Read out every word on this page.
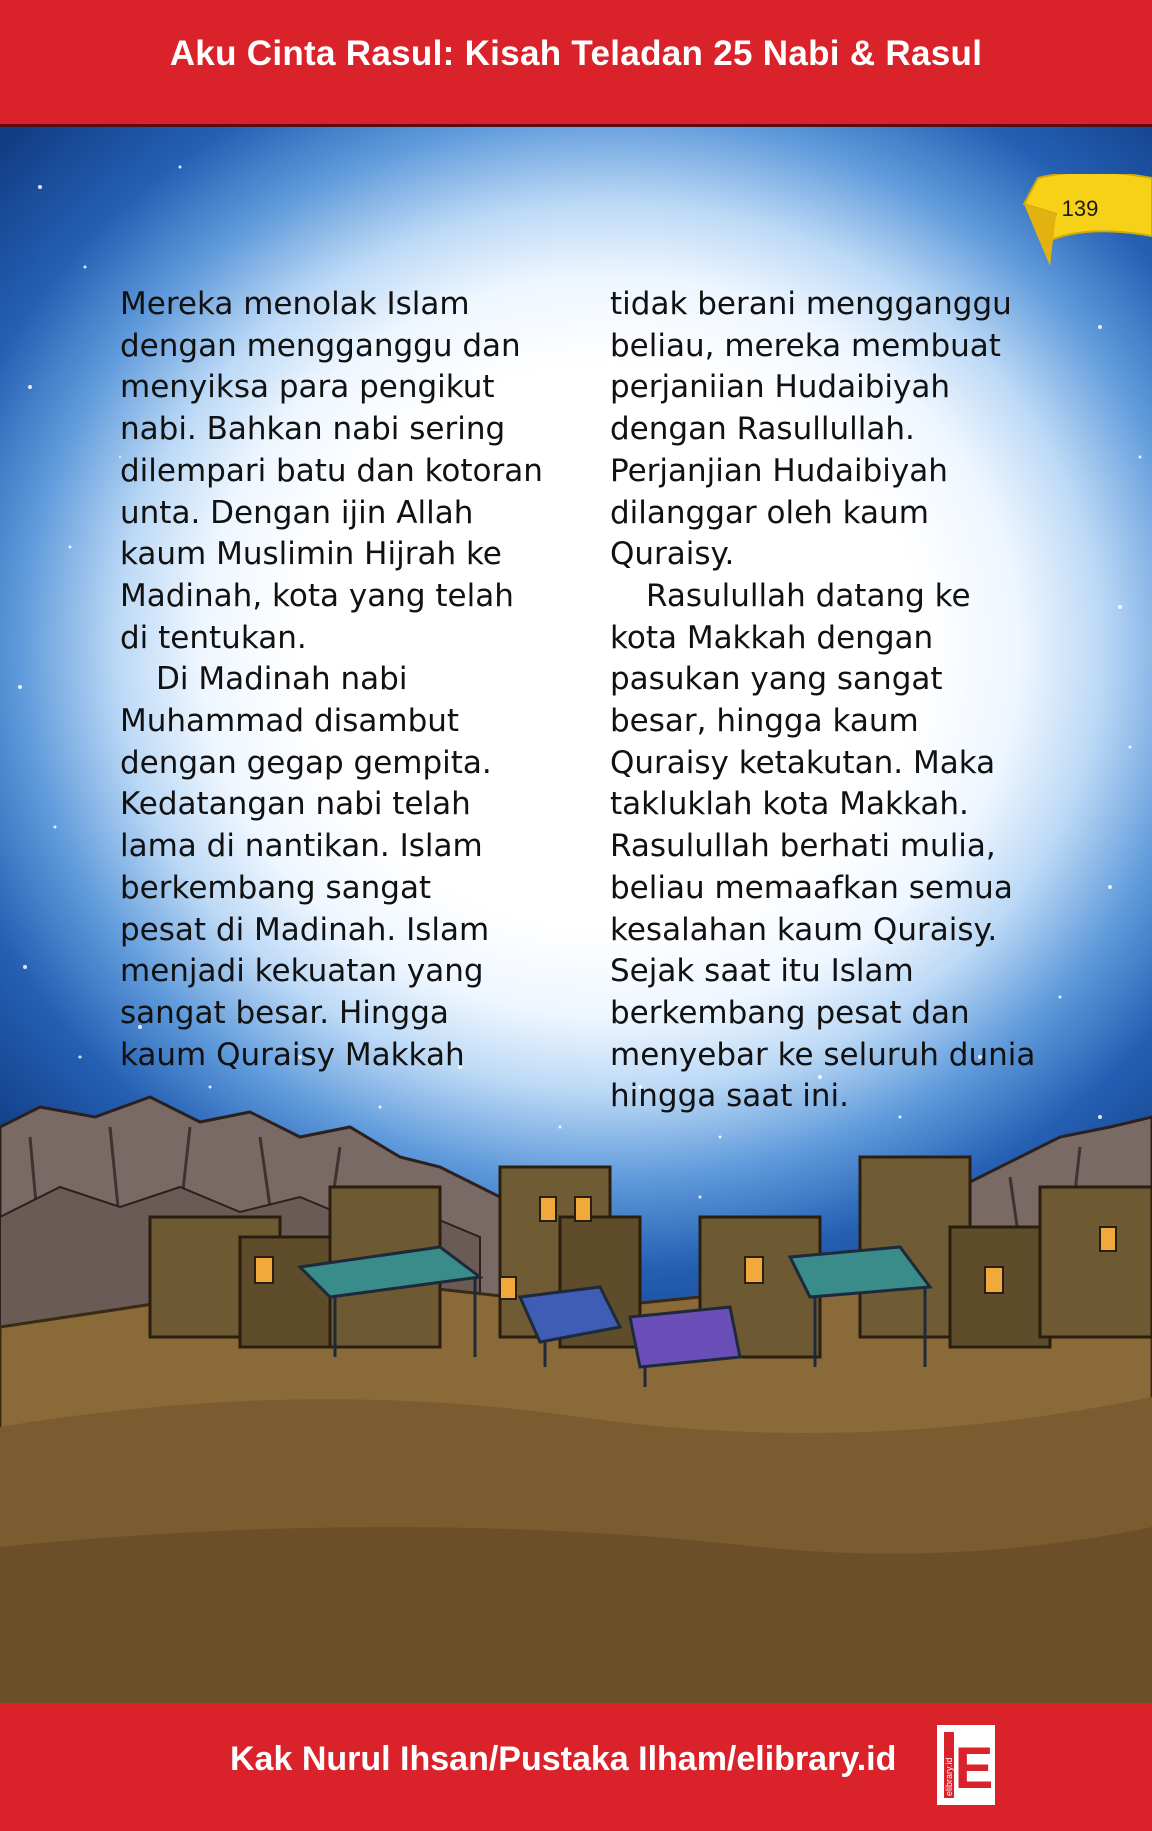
Aku Cinta Rasul: Kisah Teladan 25 Nabi & Rasul
139

Mereka menolak Islam
dengan mengganggu dan
menyiksa para pengikut
nabi. Bahkan nabi sering
dilempari batu dan kotoran
unta. Dengan ijin Allah
kaum Muslimin Hijrah ke
Madinah, kota yang telah
di tentukan.

Di Madinah nabi
Muhammad disambut
dengan gegap gempita.
Kedatangan nabi telah
lama di nantikan. Islam
berkembang sangat
pesat di Madinah. Islam
menjadi kekuatan yang
sangat besar. Hingga
kaum Quraisy Makkah

tidak berani mengganggu
beliau, mereka membuat
perjaniian Hudaibiyah
dengan Rasullullah.
Perjanjian Hudaibiyah
dilanggar oleh kaum
Quraisy.

Rasulullah datang ke
kota Makkah dengan
pasukan yang sangat
besar, hingga kaum
Quraisy ketakutan. Maka
takluklah kota Makkah.
Rasulullah berhati mulia,
beliau memaafkan semua
kesalahan kaum Quraisy.
Sejak saat itu Islam
berkembang pesat dan
menyebar ke seluruh dunia
hingga saat ini.

Kak Nurul Ihsan/Pustaka Ilham/elibrary.id E
elibrary.id
